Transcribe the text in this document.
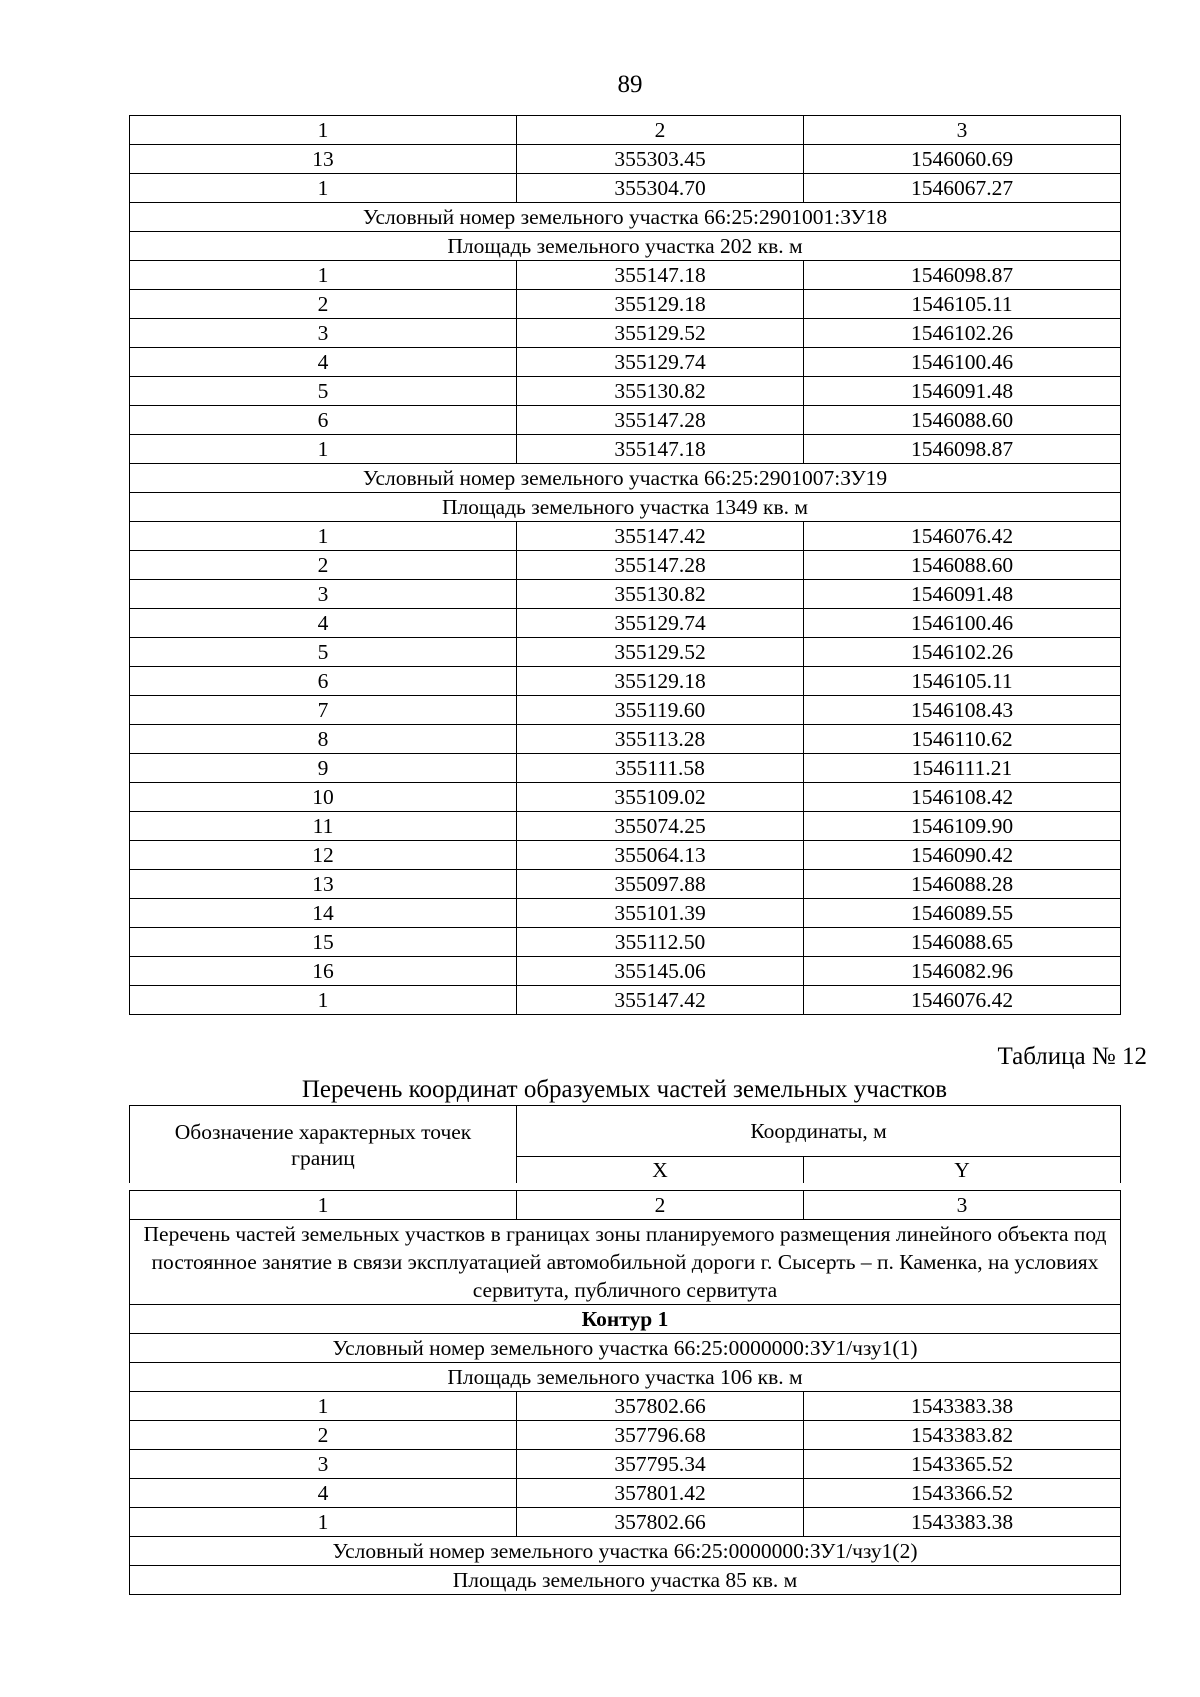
89
1	2	3
13	355303.45	1546060.69
1	355304.70	1546067.27
Условный номер земельного участка 66:25:2901001:ЗУ18		
Площадь земельного участка 202 кв. м		
1	355147.18	1546098.87
2	355129.18	1546105.11
3	355129.52	1546102.26
4	355129.74	1546100.46
5	355130.82	1546091.48
6	355147.28	1546088.60
1	355147.18	1546098.87
Условный номер земельного участка 66:25:2901007:ЗУ19		
Площадь земельного участка 1349 кв. м		
1	355147.42	1546076.42
2	355147.28	1546088.60
3	355130.82	1546091.48
4	355129.74	1546100.46
5	355129.52	1546102.26
6	355129.18	1546105.11
7	355119.60	1546108.43
8	355113.28	1546110.62
9	355111.58	1546111.21
10	355109.02	1546108.42
11	355074.25	1546109.90
12	355064.13	1546090.42
13	355097.88	1546088.28
14	355101.39	1546089.55
15	355112.50	1546088.65
16	355145.06	1546082.96
1	355147.42	1546076.42
Таблица № 12
Перечень координат образуемых частей земельных участков
Обозначение характерных точек границ	Координаты, м	
	X	Y
1	2	3
Перечень частей земельных участков в границах зоны планируемого размещения линейного объекта под постоянное занятие в связи эксплуатацией автомобильной дороги г. Сысерть – п. Каменка, на условиях сервитута, публичного сервитута		
Контур 1		
Условный номер земельного участка 66:25:0000000:ЗУ1/чзу1(1)		
Площадь земельного участка 106 кв. м		
1	357802.66	1543383.38
2	357796.68	1543383.82
3	357795.34	1543365.52
4	357801.42	1543366.52
1	357802.66	1543383.38
Условный номер земельного участка 66:25:0000000:ЗУ1/чзу1(2)		
Площадь земельного участка 85 кв. м		
